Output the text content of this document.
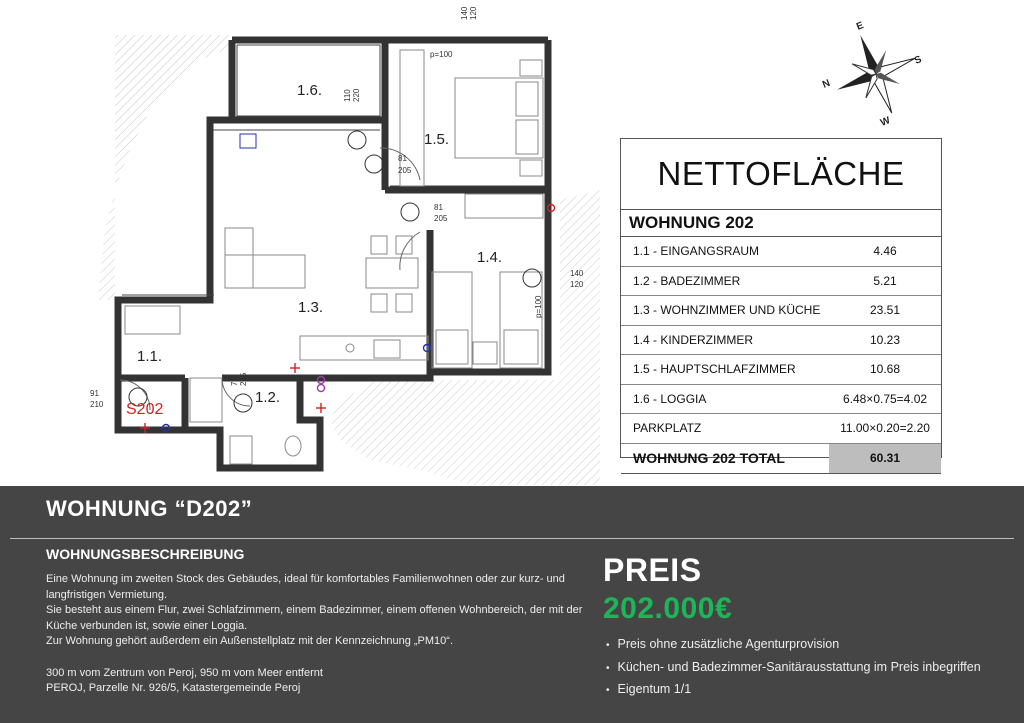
1.1.
1.2.
1.3.
1.4.
1.5.
1.6.
S202
140 120
110 220
81
205
81
205
140
120
71 205
91
210
p=100
p=100
E
N
S
W
NETTOFLÄCHE
WOHNUNG 202
1.1 - EINGANGSRAUM	4.46
1.2 - BADEZIMMER	5.21
1.3 - WOHNZIMMER UND KÜCHE	23.51
1.4 - KINDERZIMMER	10.23
1.5 - HAUPTSCHLAFZIMMER	10.68
1.6 - LOGGIA	6.48×0.75=4.02
PARKPLATZ	11.00×0.20=2.20
WOHNUNG 202 TOTAL	60.31
WOHNUNG “D202”
WOHNUNGSBESCHREIBUNG

Eine Wohnung im zweiten Stock des Gebäudes, ideal für komfortables Familienwohnen oder zur kurz- und langfristigen Vermietung.

Sie besteht aus einem Flur, zwei Schlafzimmern, einem Badezimmer, einem offenen Wohnbereich, der mit der Küche verbunden ist, sowie einer Loggia.

Zur Wohnung gehört außerdem ein Außenstellplatz mit der Kennzeichnung „PM10“.

300 m vom Zentrum von Peroj, 950 m vom Meer entfernt

PEROJ, Parzelle Nr. 926/5, Katastergemeinde Peroj

PREIS
202.000€
• Preis ohne zusätzliche Agenturprovision
• Küchen- und Badezimmer-Sanitärausstattung im Preis inbegriffen
• Eigentum 1/1
